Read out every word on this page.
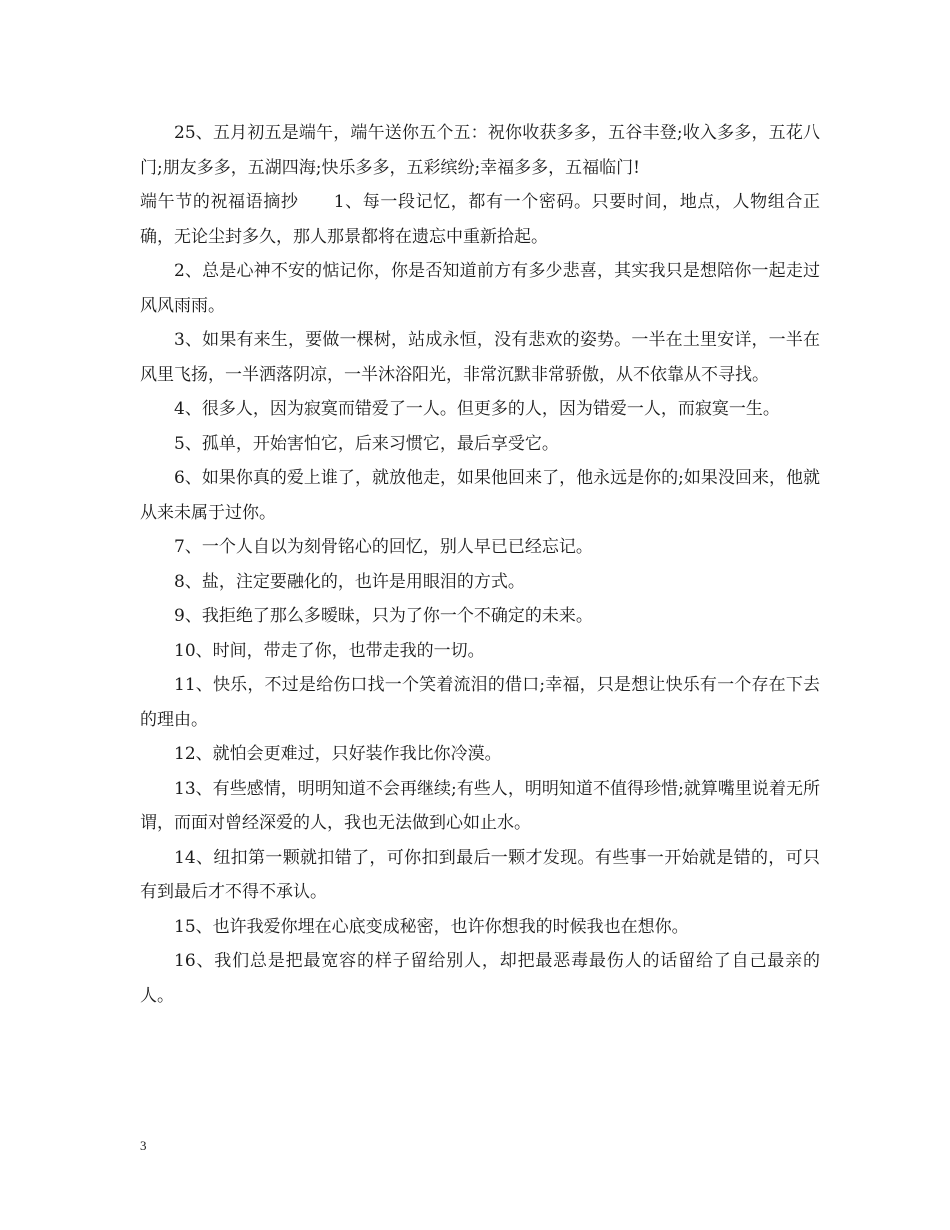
25、五月初五是端午，端午送你五个五：祝你收获多多，五谷丰登;收入多多，五花八门;朋友多多，五湖四海;快乐多多，五彩缤纷;幸福多多，五福临门!

端午节的祝福语摘抄　　1、每一段记忆，都有一个密码。只要时间，地点，人物组合正确，无论尘封多久，那人那景都将在遗忘中重新拾起。

2、总是心神不安的惦记你，你是否知道前方有多少悲喜，其实我只是想陪你一起走过风风雨雨。

3、如果有来生，要做一棵树，站成永恒，没有悲欢的姿势。一半在土里安详，一半在风里飞扬，一半洒落阴凉，一半沐浴阳光，非常沉默非常骄傲，从不依靠从不寻找。

4、很多人，因为寂寞而错爱了一人。但更多的人，因为错爱一人，而寂寞一生。

5、孤单，开始害怕它，后来习惯它，最后享受它。

6、如果你真的爱上谁了，就放他走，如果他回来了，他永远是你的;如果没回来，他就从来未属于过你。

7、一个人自以为刻骨铭心的回忆，别人早已已经忘记。

8、盐，注定要融化的，也许是用眼泪的方式。

9、我拒绝了那么多暧昧，只为了你一个不确定的未来。

10、时间，带走了你，也带走我的一切。

11、快乐，不过是给伤口找一个笑着流泪的借口;幸福，只是想让快乐有一个存在下去的理由。

12、就怕会更难过，只好装作我比你冷漠。

13、有些感情，明明知道不会再继续;有些人，明明知道不值得珍惜;就算嘴里说着无所谓，而面对曾经深爱的人，我也无法做到心如止水。

14、纽扣第一颗就扣错了，可你扣到最后一颗才发现。有些事一开始就是错的，可只有到最后才不得不承认。

15、也许我爱你埋在心底变成秘密，也许你想我的时候我也在想你。

16、我们总是把最宽容的样子留给别人，却把最恶毒最伤人的话留给了自己最亲的人。

3
